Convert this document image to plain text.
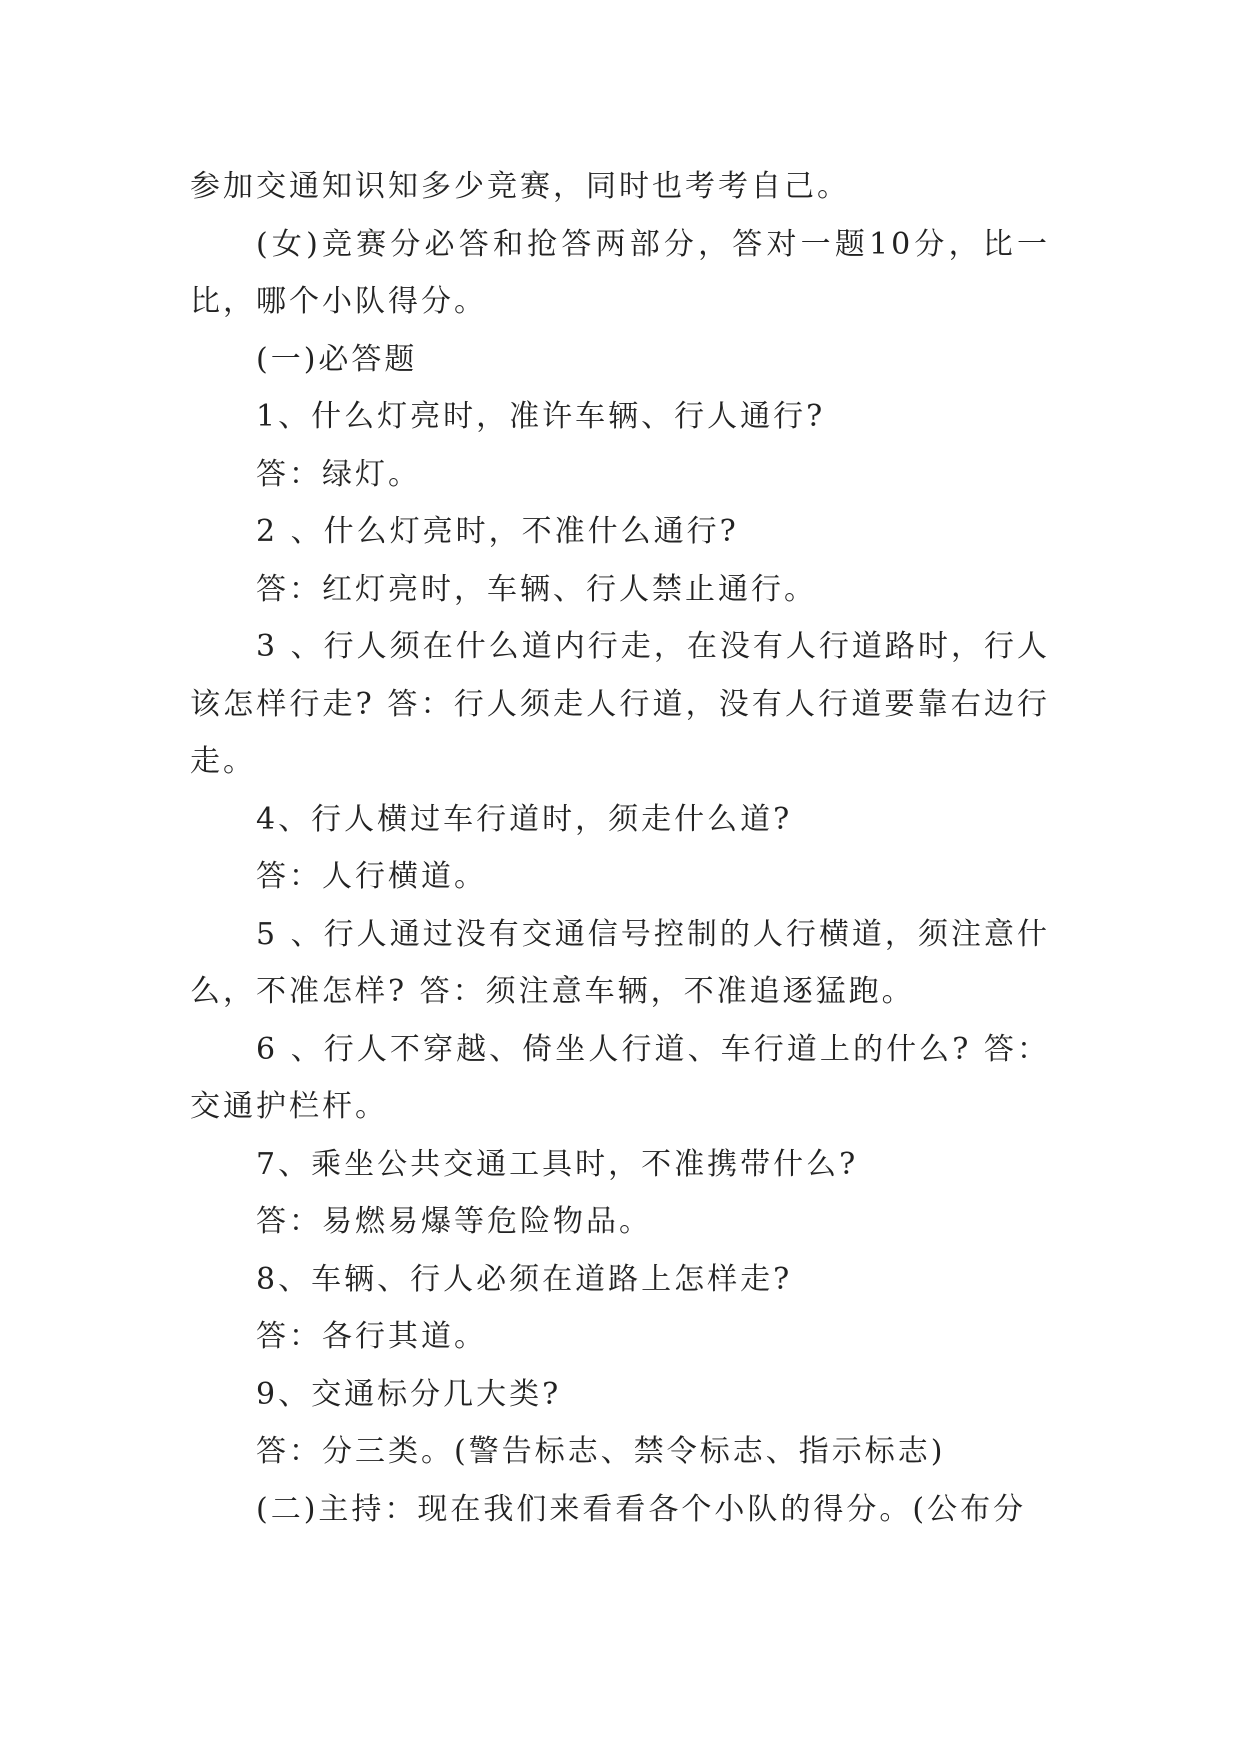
参加交通知识知多少竞赛，同时也考考自己。

(女)竞赛分必答和抢答两部分，答对一题10分，比一比，哪个小队得分。

(一)必答题

1、什么灯亮时，准许车辆、行人通行?

答：绿灯。

2 、什么灯亮时，不准什么通行?

答：红灯亮时，车辆、行人禁止通行。

3 、行人须在什么道内行走，在没有人行道路时，行人该怎样行走? 答：行人须走人行道，没有人行道要靠右边行走。

4、行人横过车行道时，须走什么道?

答：人行横道。

5 、行人通过没有交通信号控制的人行横道，须注意什么，不准怎样? 答：须注意车辆，不准追逐猛跑。

6 、行人不穿越、倚坐人行道、车行道上的什么? 答：交通护栏杆。

7、乘坐公共交通工具时，不准携带什么?

答：易燃易爆等危险物品。

8、车辆、行人必须在道路上怎样走?

答：各行其道。

9、交通标分几大类?

答：分三类。(警告标志、禁令标志、指示标志)

(二)主持：现在我们来看看各个小队的得分。(公布分
